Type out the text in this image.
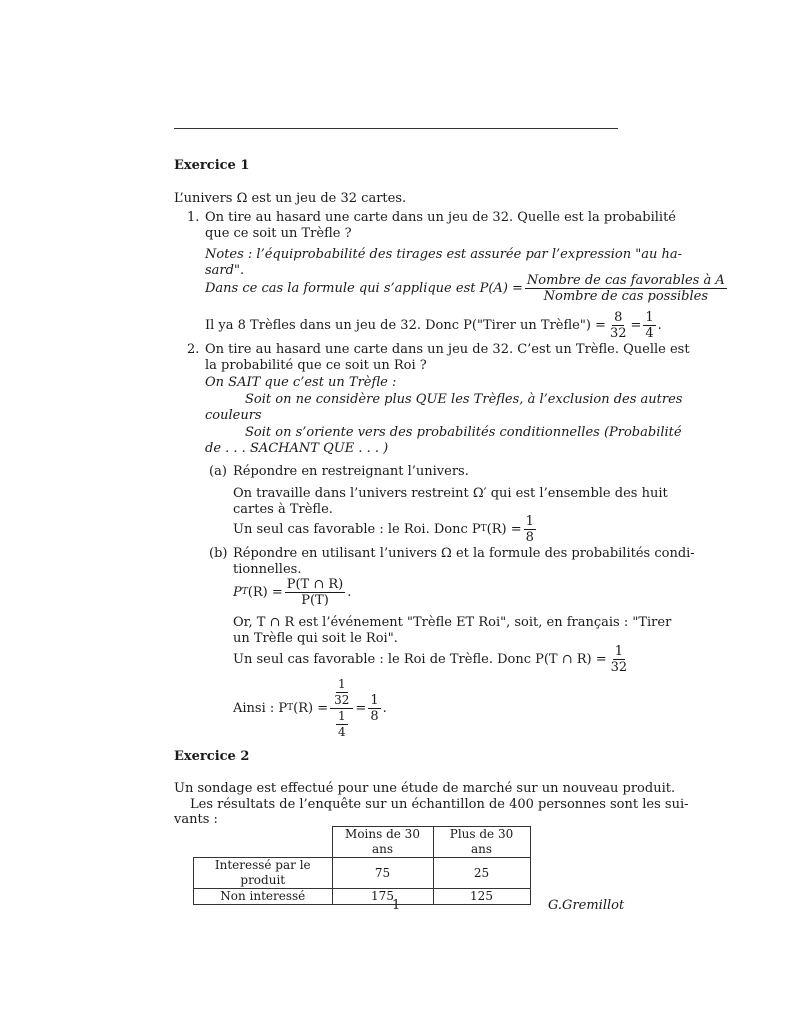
Exercice 1
L’univers Ω est un jeu de 32 cartes.
1. On tire au hasard une carte dans un jeu de 32. Quelle est la probabilité
que ce soit un Trèfle ?
Notes : l’équiprobabilité des tirages est assurée par l’expression "au ha-
sard".
Dans ce cas la formule qui s’applique est $P(A) = \frac{\text{Nombre de cas favorables à A}}{\text{Nombre de cas possibles}}$
Il ya 8 Trèfles dans un jeu de 32. Donc P("Tirer un Trèfle") = $\frac{8}{32} = \frac{1}{4}$ .
2. On tire au hasard une carte dans un jeu de 32. C’est un Trèfle. Quelle est
la probabilité que ce soit un Roi ?
On SAIT que c’est un Trèfle :
Soit on ne considère plus QUE les Trèfles, à l’exclusion des autres
couleurs
Soit on s’oriente vers des probabilités conditionnelles (Probabilité
de . . . SACHANT QUE . . . )
(a) Répondre en restreignant l’univers.
On travaille dans l’univers restreint Ω′ qui est l’ensemble des huit
cartes à Trèfle.
Un seul cas favorable : le Roi. Donc P T $(R) = \frac{1}{8}$
(b) Répondre en utilisant l’univers Ω et la formule des probabilités condi-
tionnelles.
P T $(R) = \frac{P(T \cap R)}{P(T)}$ .
Or, T ∩ R est l’événement "Trèfle ET Roi", soit, en français : "Tirer
un Trèfle qui soit le Roi".
Un seul cas favorable : le Roi de Trèfle. Donc P(T ∩ $R) = \frac{1}{32}$
Ainsi : P T $(R) = \frac{\frac{1}{32}}{\frac{1}{4}} = \frac{1}{8}$ .
Exercice 2
Un sondage est effectué pour une étude de marché sur un nouveau produit.
Les résultats de l’enquête sur un échantillon de 400 personnes sont les sui-
vants :
	Moins de 30 ans	Plus de 30 ans
Interessé par le produit	75	25
Non interessé	175	125
1	G.Gremillot
